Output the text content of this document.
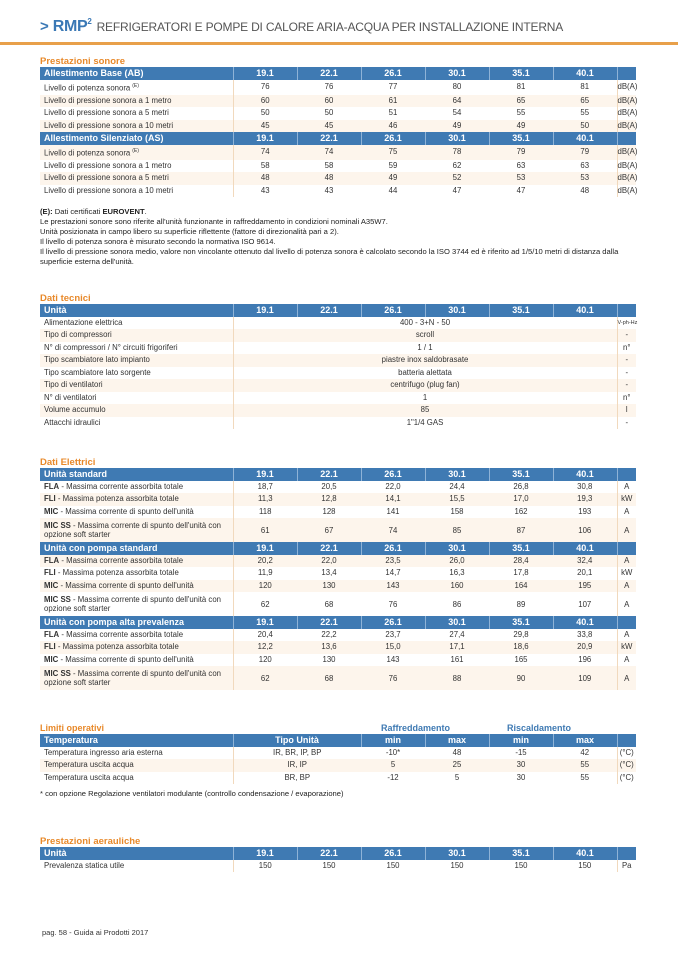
> $RMP^2$ REFRIGERATORI E POMPE DI CALORE ARIA-ACQUA PER INSTALLAZIONE INTERNA
Prestazioni sonore
Allestimento Base (AB)	19.1	22.1	26.1	30.1	35.1	40.1	
Livello di potenza sonora $^{(E)}$	76	76	77	80	81	81	dB(A)
Livello di pressione sonora a 1 metro	60	60	61	64	65	65	dB(A)
Livello di pressione sonora a 5 metri	50	50	51	54	55	55	dB(A)
Livello di pressione sonora a 10 metri	45	45	46	49	49	50	dB(A)
Allestimento Silenziato (AS)	19.1	22.1	26.1	30.1	35.1	40.1	
Livello di potenza sonora $^{(E)}$	74	74	75	78	79	79	dB(A)
Livello di pressione sonora a 1 metro	58	58	59	62	63	63	dB(A)
Livello di pressione sonora a 5 metri	48	48	49	52	53	53	dB(A)
Livello di pressione sonora a 10 metri	43	43	44	47	47	48	dB(A)
(E): Dati certificati EUROVENT.
Le prestazioni sonore sono riferite all'unità funzionante in raffreddamento in condizioni nominali A35W7.
Unità posizionata in campo libero su superficie riflettente (fattore di direzionalità pari a 2).
Il livello di potenza sonora è misurato secondo la normativa ISO 9614.
Il livello di pressione sonora medio, valore non vincolante ottenuto dal livello di potenza sonora è calcolato secondo la ISO 3744 ed è riferito ad 1/5/10 metri di distanza dalla superficie esterna dell'unità.
Dati tecnici
Unità	19.1	22.1	26.1	30.1	35.1	40.1	
Alimentazione elettrica	400 - 3+N - 50						V-ph-Hz
Tipo di compressori	scroll						-
N° di compressori / N° circuiti frigoriferi	1 / 1						n°
Tipo scambiatore lato impianto	piastre inox saldobrasate						-
Tipo scambiatore lato sorgente	batteria alettata						-
Tipo di ventilatori	centrifugo (plug fan)						-
N° di ventilatori	1						n°
Volume accumulo	85						l
Attacchi idraulici	1"1/4 GAS						-
Dati Elettrici
Unità standard	19.1	22.1	26.1	30.1	35.1	40.1	
FLA - Massima corrente assorbita totale	18,7	20,5	22,0	24,4	26,8	30,8	A
FLI - Massima potenza assorbita totale	11,3	12,8	14,1	15,5	17,0	19,3	kW
MIC - Massima corrente di spunto dell'unità	118	128	141	158	162	193	A
MIC SS - Massima corrente di spunto dell'unità con opzione soft starter	61	67	74	85	87	106	A
Unità con pompa standard	19.1	22.1	26.1	30.1	35.1	40.1	
FLA - Massima corrente assorbita totale	20,2	22,0	23,5	26,0	28,4	32,4	A
FLI - Massima potenza assorbita totale	11,9	13,4	14,7	16,3	17,8	20,1	kW
MIC - Massima corrente di spunto dell'unità	120	130	143	160	164	195	A
MIC SS - Massima corrente di spunto dell'unità con opzione soft starter	62	68	76	86	89	107	A
Unità con pompa alta prevalenza	19.1	22.1	26.1	30.1	35.1	40.1	
FLA - Massima corrente assorbita totale	20,4	22,2	23,7	27,4	29,8	33,8	A
FLI - Massima potenza assorbita totale	12,2	13,6	15,0	17,1	18,6	20,9	kW
MIC - Massima corrente di spunto dell'unità	120	130	143	161	165	196	A
MIC SS - Massima corrente di spunto dell'unità con opzione soft starter	62	68	76	88	90	109	A
Limiti operativi	Raffreddamento	Riscaldamento
Temperatura	Tipo Unità	min	max	min	max	
Temperatura ingresso aria esterna	IR, BR, IP, BP	-10*	48	-15	42	(°C)
Temperatura uscita acqua	IR, IP	5	25	30	55	(°C)
Temperatura uscita acqua	BR, BP	-12	5	30	55	(°C)
* con opzione Regolazione ventilatori modulante (controllo condensazione / evaporazione)
Prestazioni aerauliche
Unità	19.1	22.1	26.1	30.1	35.1	40.1	
Prevalenza statica utile	150	150	150	150	150	150	Pa
pag. 58 - Guida ai Prodotti 2017
